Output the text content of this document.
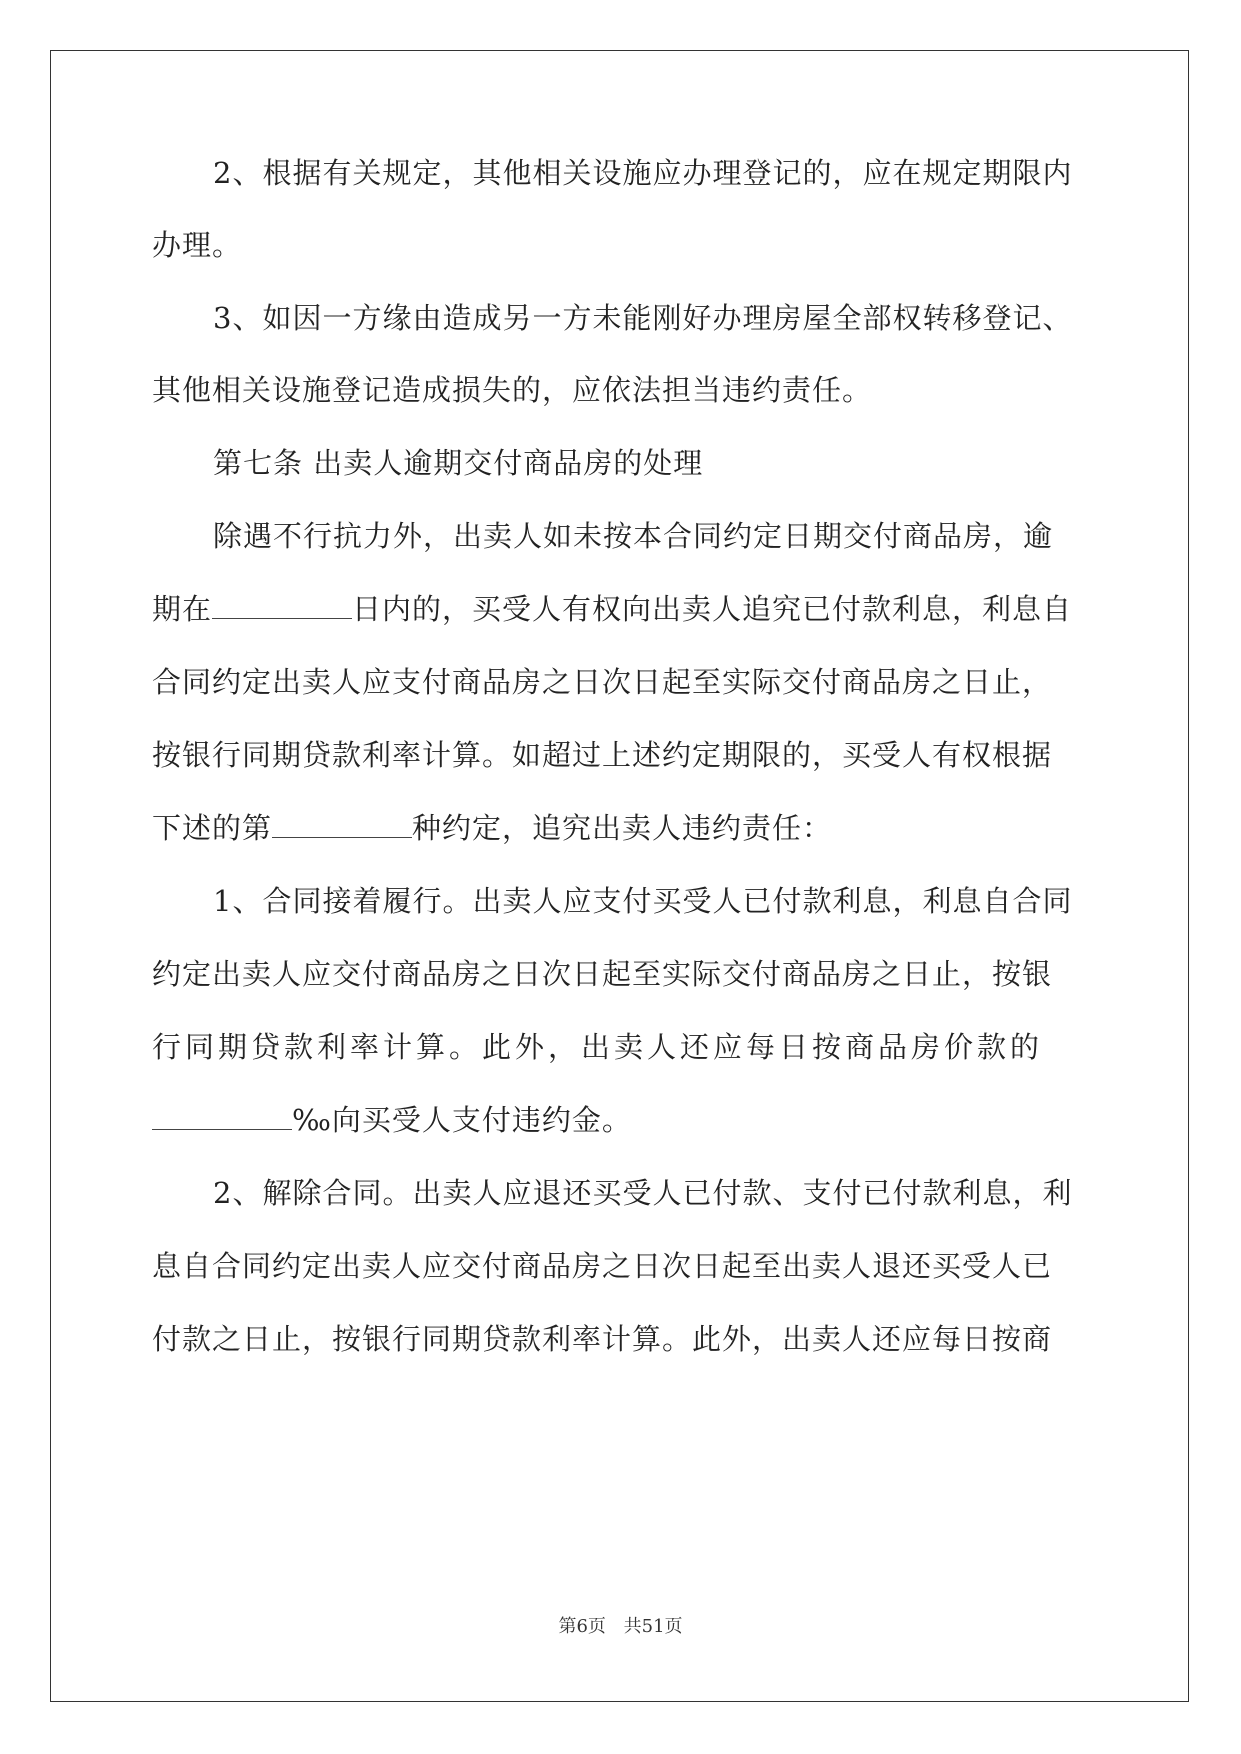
2、根据有关规定，其他相关设施应办理登记的，应在规定期限内
办理。
3、如因一方缘由造成另一方未能刚好办理房屋全部权转移登记、
其他相关设施登记造成损失的，应依法担当违约责任。
第七条 出卖人逾期交付商品房的处理
除遇不行抗力外，出卖人如未按本合同约定日期交付商品房，逾
期在	日内的，买受人有权向出卖人追究已付款利息，利息自
合同约定出卖人应支付商品房之日次日起至实际交付商品房之日止，
按银行同期贷款利率计算。如超过上述约定期限的，买受人有权根据
下述的第	种约定，追究出卖人违约责任：
1、合同接着履行。出卖人应支付买受人已付款利息，利息自合同
约定出卖人应交付商品房之日次日起至实际交付商品房之日止，按银
行同期贷款利率计算。此外，出卖人还应每日按商品房价款的
‰向买受人支付违约金。
2、解除合同。出卖人应退还买受人已付款、支付已付款利息，利
息自合同约定出卖人应交付商品房之日次日起至出卖人退还买受人已
付款之日止，按银行同期贷款利率计算。此外，出卖人还应每日按商
第6页 共51页
